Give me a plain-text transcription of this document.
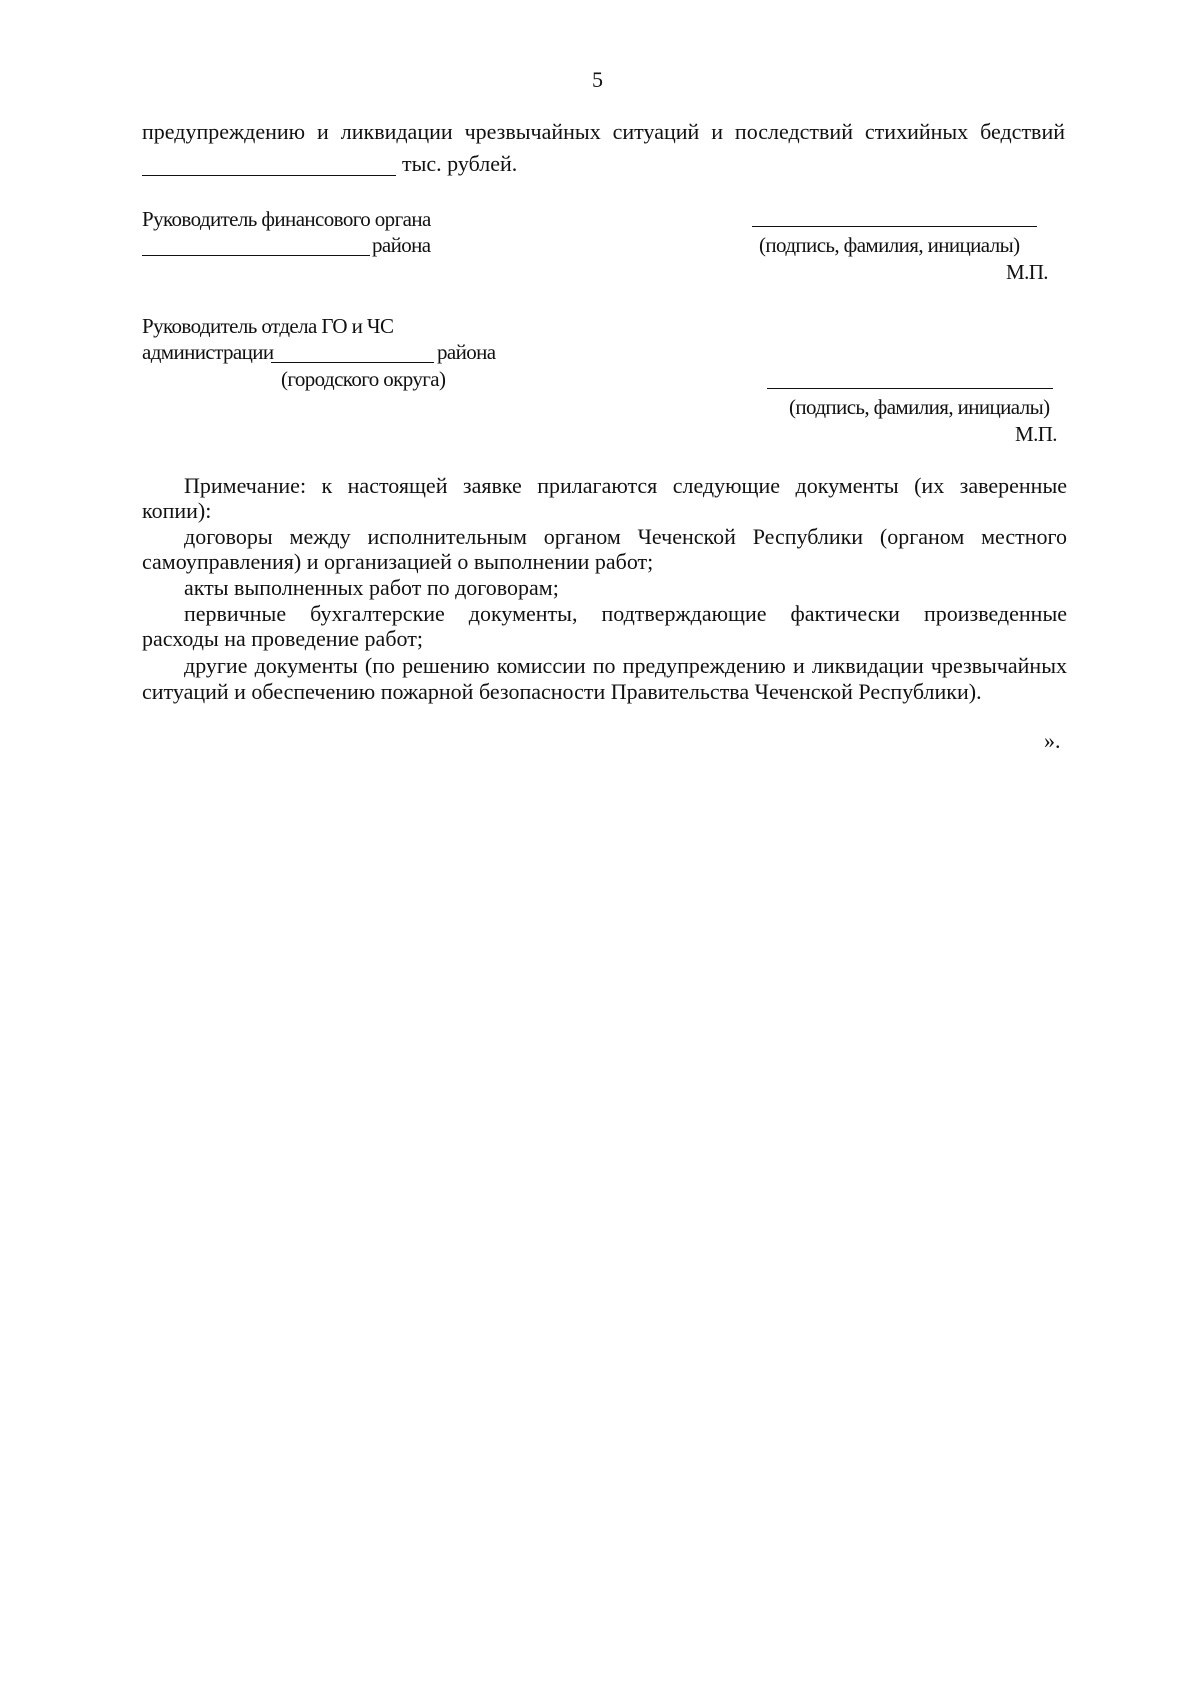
5
предупреждению и ликвидации чрезвычайных ситуаций и последствий стихийных бедствий
тыс. рублей.
Руководитель финансового органа
района	(подпись, фамилия, инициалы)
М.П.
Руководитель отдела ГО и ЧС
администрации	района
(городского округа)
(подпись, фамилия, инициалы)
М.П.
Примечание: к настоящей заявке прилагаются следующие документы (их заверенные
копии):
договоры между исполнительным органом Чеченской Республики (органом местного
самоуправления) и организацией о выполнении работ;
акты выполненных работ по договорам;
первичные бухгалтерские документы, подтверждающие фактически произведенные
расходы на проведение работ;
другие документы (по решению комиссии по предупреждению и ликвидации чрезвычайных
ситуаций и обеспечению пожарной безопасности Правительства Чеченской Республики).
».
